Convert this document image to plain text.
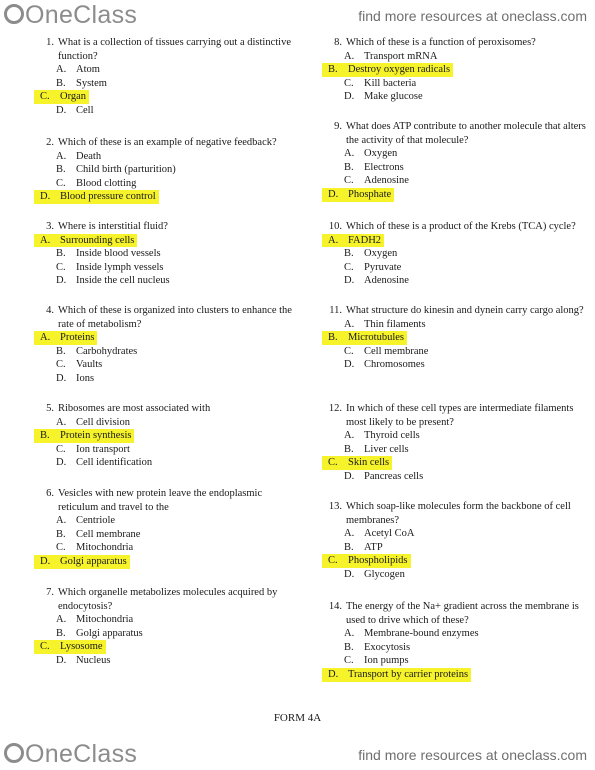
OneClass	find more resources at oneclass.com
1. What is a collection of tissues carrying out a distinctive function?
A. Atom
B. System
C. Organ
D. Cell
2. Which of these is an example of negative feedback?
A. Death
B. Child birth (parturition)
C. Blood clotting
D. Blood pressure control
3. Where is interstitial fluid?
A. Surrounding cells
B. Inside blood vessels
C. Inside lymph vessels
D. Inside the cell nucleus
4. Which of these is organized into clusters to enhance the rate of metabolism?
A. Proteins
B. Carbohydrates
C. Vaults
D. Ions
5. Ribosomes are most associated with
A. Cell division
B. Protein synthesis
C. Ion transport
D. Cell identification
6. Vesicles with new protein leave the endoplasmic reticulum and travel to the
A. Centriole
B. Cell membrane
C. Mitochondria
D. Golgi apparatus
7. Which organelle metabolizes molecules acquired by endocytosis?
A. Mitochondria
B. Golgi apparatus
C. Lysosome
D. Nucleus
8. Which of these is a function of peroxisomes?
A. Transport mRNA
B. Destroy oxygen radicals
C. Kill bacteria
D. Make glucose
9. What does ATP contribute to another molecule that alters the activity of that molecule?
A. Oxygen
B. Electrons
C. Adenosine
D. Phosphate
10. Which of these is a product of the Krebs (TCA) cycle?
A. FADH2
B. Oxygen
C. Pyruvate
D. Adenosine
11. What structure do kinesin and dynein carry cargo along?
A. Thin filaments
B. Microtubules
C. Cell membrane
D. Chromosomes
12. In which of these cell types are intermediate filaments most likely to be present?
A. Thyroid cells
B. Liver cells
C. Skin cells
D. Pancreas cells
13. Which soap-like molecules form the backbone of cell membranes?
A. Acetyl CoA
B. ATP
C. Phospholipids
D. Glycogen
14. The energy of the Na+ gradient across the membrane is used to drive which of these?
A. Membrane-bound enzymes
B. Exocytosis
C. Ion pumps
D. Transport by carrier proteins
FORM 4A
OneClass	find more resources at oneclass.com
